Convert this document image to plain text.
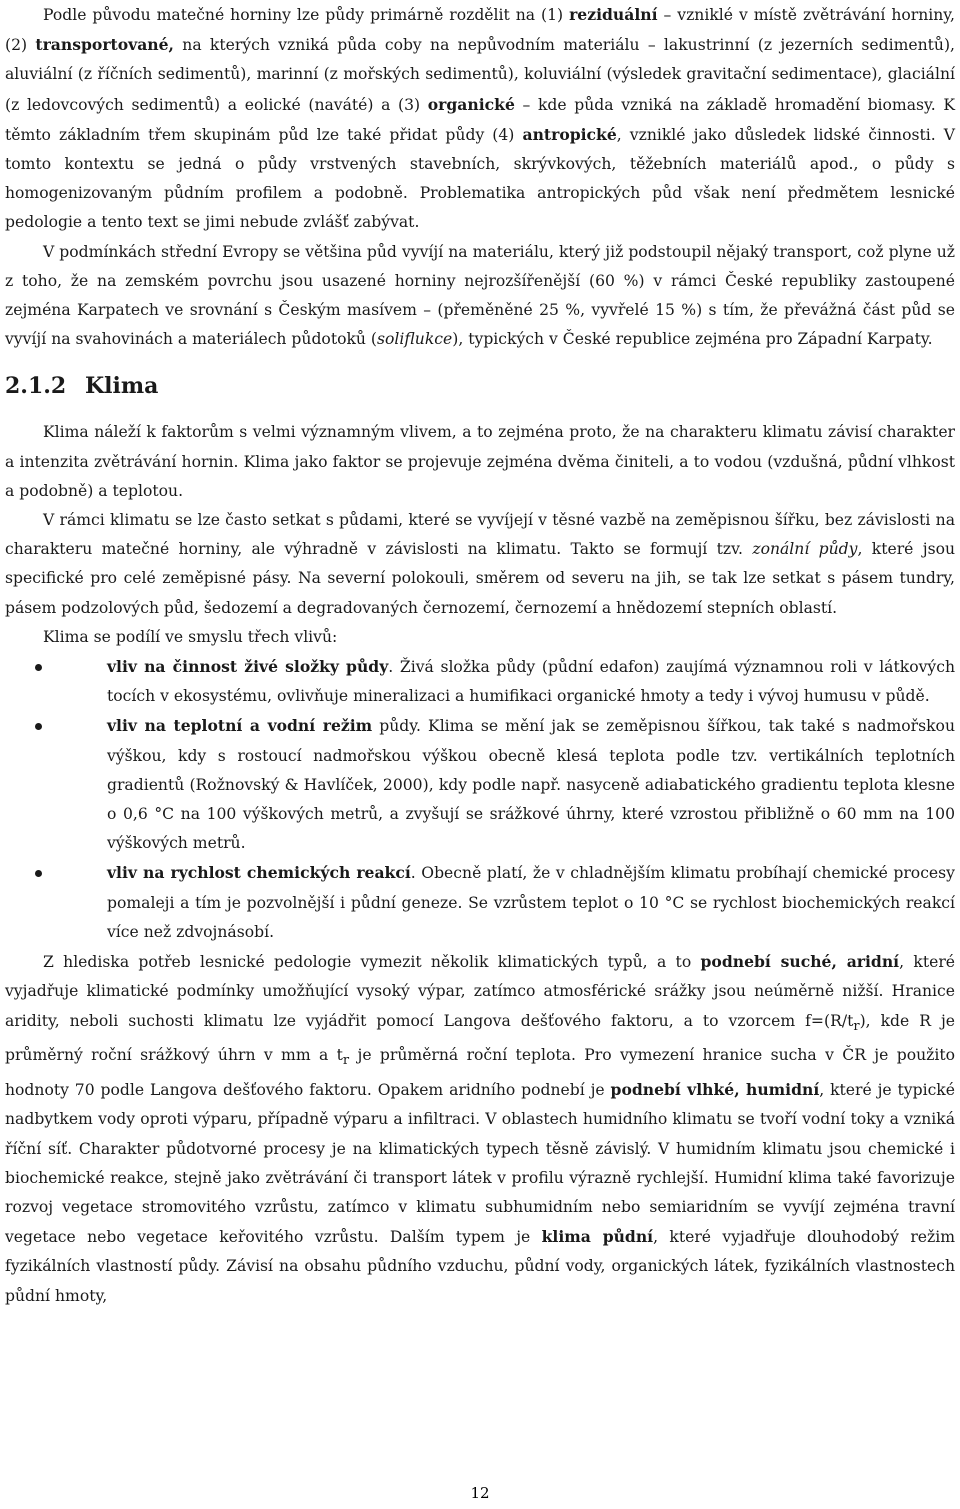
Podle původu matečné horniny lze půdy primárně rozdělit na (1) reziduální – vzniklé v místě zvětrávání horniny, (2) transportované, na kterých vzniká půda coby na nepůvodním materiálu – lakustrinní (z jezerních sedimentů), aluviální (z říčních sedimentů), marinní (z mořských sedimentů), koluviální (výsledek gravitační sedimentace), glaciální (z ledovcových sedimentů) a eolické (naváté) a (3) organické – kde půda vzniká na základě hromadění biomasy. K těmto základním třem skupinám půd lze také přidat půdy (4) antropické, vzniklé jako důsledek lidské činnosti. V tomto kontextu se jedná o půdy vrstvených stavebních, skrývkových, těžebních materiálů apod., o půdy s homogenizovaným půdním profilem a podobně. Problematika antropických půd však není předmětem lesnické pedologie a tento text se jimi nebude zvlášť zabývat.

V podmínkách střední Evropy se většina půd vyvíjí na materiálu, který již podstoupil nějaký transport, což plyne už z toho, že na zemském povrchu jsou usazené horniny nejrozšířenější (60 %) v rámci České republiky zastoupené zejména Karpatech ve srovnání s Českým masívem – (přeměněné 25 %, vyvřelé 15 %) s tím, že převážná část půd se vyvíjí na svahovinách a materiálech půdotoků (soliflukce), typických v České republice zejména pro Západní Karpaty.

2.1.2 Klima

Klima náleží k faktorům s velmi významným vlivem, a to zejména proto, že na charakteru klimatu závisí charakter a intenzita zvětrávání hornin. Klima jako faktor se projevuje zejména dvěma činiteli, a to vodou (vzdušná, půdní vlhkost a podobně) a teplotou.

V rámci klimatu se lze často setkat s půdami, které se vyvíjejí v těsné vazbě na zeměpisnou šířku, bez závislosti na charakteru matečné horniny, ale výhradně v závislosti na klimatu. Takto se formují tzv. zonální půdy, které jsou specifické pro celé zeměpisné pásy. Na severní polokouli, směrem od severu na jih, se tak lze setkat s pásem tundry, pásem podzolových půd, šedozemí a degradovaných černozemí, černozemí a hnědozemí stepních oblastí.

Klima se podílí ve smyslu třech vlivů:

vliv na činnost živé složky půdy. Živá složka půdy (půdní edafon) zaujímá významnou roli v látkových tocích v ekosystému, ovlivňuje mineralizaci a humifikaci organické hmoty a tedy i vývoj humusu v půdě.
vliv na teplotní a vodní režim půdy. Klima se mění jak se zeměpisnou šířkou, tak také s nadmořskou výškou, kdy s rostoucí nadmořskou výškou obecně klesá teplota podle tzv. vertikálních teplotních gradientů (Rožnovský & Havlíček, 2000), kdy podle např. nasyceně adiabatického gradientu teplota klesne o 0,6 °C na 100 výškových metrů, a zvyšují se srážkové úhrny, které vzrostou přibližně o 60 mm na 100 výškových metrů.
vliv na rychlost chemických reakcí. Obecně platí, že v chladnějším klimatu probíhají chemické procesy pomaleji a tím je pozvolnější i půdní geneze. Se vzrůstem teplot o 10 °C se rychlost biochemických reakcí více než zdvojnásobí.

Z hlediska potřeb lesnické pedologie vymezit několik klimatických typů, a to podnebí suché, aridní, které vyjadřuje klimatické podmínky umožňující vysoký výpar, zatímco atmosférické srážky jsou neúměrně nižší. Hranice aridity, neboli suchosti klimatu lze vyjádřit pomocí Langova dešťového faktoru, a to vzorcem $f=(R/t_r)$, kde R je průměrný roční srážkový úhrn v mm a $t_r$ je průměrná roční teplota. Pro vymezení hranice sucha v ČR je použito hodnoty 70 podle Langova dešťového faktoru. Opakem aridního podnebí je podnebí vlhké, humidní, které je typické nadbytkem vody oproti výparu, případně výparu a infiltraci. V oblastech humidního klimatu se tvoří vodní toky a vzniká říční síť. Charakter půdotvorné procesy je na klimatických typech těsně závislý. V humidním klimatu jsou chemické i biochemické reakce, stejně jako zvětrávání či transport látek v profilu výrazně rychlejší. Humidní klima také favorizuje rozvoj vegetace stromovitého vzrůstu, zatímco v klimatu subhumidním nebo semiaridním se vyvíjí zejména travní vegetace nebo vegetace keřovitého vzrůstu. Dalším typem je klima půdní, které vyjadřuje dlouhodobý režim fyzikálních vlastností půdy. Závisí na obsahu půdního vzduchu, půdní vody, organických látek, fyzikálních vlastnostech půdní hmoty,

12
